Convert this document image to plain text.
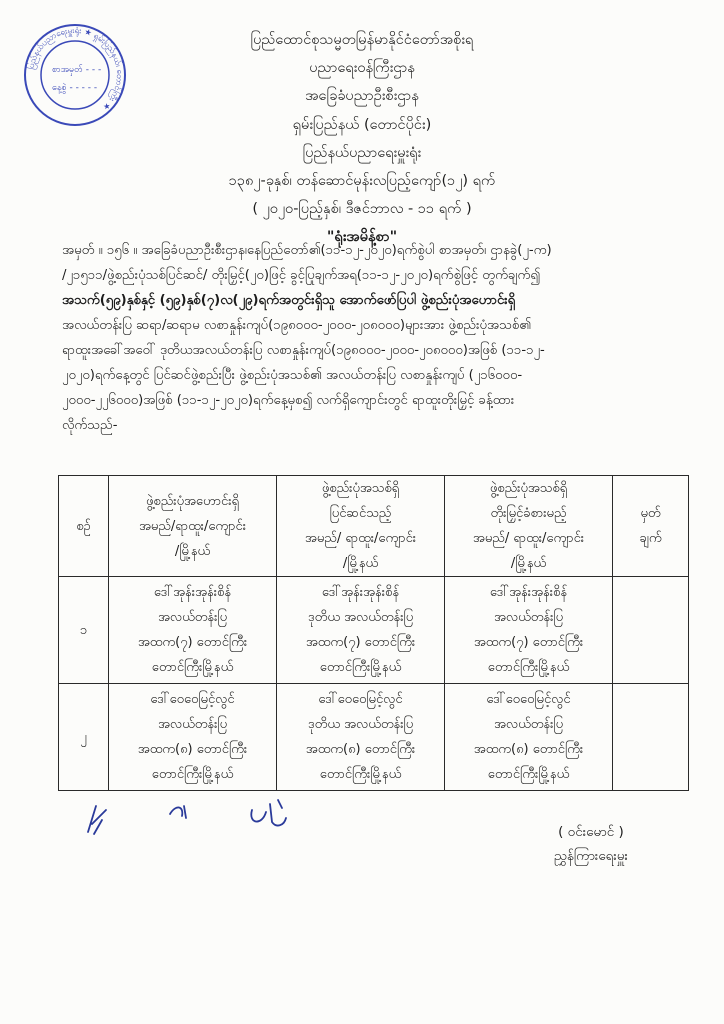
ပြည်နယ်ပညာရေးမှူးရုံး ★ ရှမ်းပြည်နယ်၊ တောင်ကြီး ★
စာအမှတ် - - -
နေ့စွဲ - - - - -
ပြည်ထောင်စုသမ္မတမြန်မာနိုင်ငံတော်အစိုးရ
ပညာရေးဝန်ကြီးဌာန
အခြေခံပညာဦးစီးဌာန
ရှမ်းပြည်နယ် (တောင်ပိုင်း)
ပြည်နယ်ပညာရေးမှူးရုံး
၁၃၈၂-ခုနှစ်၊ တန်ဆောင်မုန်းလပြည့်ကျော်(၁၂) ရက်
( ၂၀၂၀-ပြည့်နှစ်၊ ဒီဇင်ဘာလ - ၁၁ ရက် )
"ရုံးအမိန့်စာ"
အမှတ် ။ ၁၅၆ ။ အခြေခံပညာဦးစီးဌာန၊နေပြည်တော်၏(၁၁-၁၂-၂၀၂၀)ရက်စွဲပါ စာအမှတ်၊ ဌာနခွဲ(၂-က)
/၂၁၅၁၁/ဖွဲ့စည်းပုံသစ်ပြင်ဆင်/ တိုးမြှင့်(၂၀)ဖြင့် ခွင့်ပြုချက်အရ(၁၁-၁၂-၂၀၂၀)ရက်စွဲဖြင့် တွက်ချက်၍
အသက်(၅၉)နှစ်နှင့် (၅၉)နှစ်(၇)လ(၂၉)ရက်အတွင်းရှိသူ အောက်ဖော်ပြပါ ဖွဲ့စည်းပုံအဟောင်းရှိ
အလယ်တန်းပြ ဆရာ/ဆရာမ လစာနှုန်းကျပ်(၁၉၈၀၀၀-၂၀၀၀-၂၀၈၀၀၀)များအား ဖွဲ့စည်းပုံအသစ်၏
ရာထူးအခေါ်အဝေါ် ဒုတိယအလယ်တန်းပြ လစာနှုန်းကျပ်(၁၉၈၀၀၀-၂၀၀၀-၂၀၈၀၀၀)အဖြစ် (၁၁-၁၂-
၂၀၂၀)ရက်နေ့တွင် ပြင်ဆင်ဖွဲ့စည်းပြီး ဖွဲ့စည်းပုံအသစ်၏ အလယ်တန်းပြ လစာနှုန်းကျပ် (၂၁၆၀၀၀-
၂၀၀၀-၂၂၆၀၀၀)အဖြစ် (၁၁-၁၂-၂၀၂၀)ရက်နေ့မှစ၍ လက်ရှိကျောင်းတွင် ရာထူးတိုးမြှင့် ခန့်ထား
လိုက်သည်-
စဉ်	ဖွဲ့စည်းပုံအဟောင်းရှိ
အမည်/ရာထူး/ကျောင်း
/မြို့နယ်	ဖွဲ့စည်းပုံအသစ်ရှိ
ပြင်ဆင်သည့်
အမည်/ ရာထူး/ကျောင်း
/မြို့နယ်	ဖွဲ့စည်းပုံအသစ်ရှိ
တိုးမြှင့်ခံစားမည့်
အမည်/ ရာထူး/ကျောင်း
/မြို့နယ်	မှတ်
ချက်

၁	ဒေါ်အုန်းအုန်းစိန်
အလယ်တန်းပြ
အထက(၇) တောင်ကြီး
တောင်ကြီးမြို့နယ်	ဒေါ်အုန်းအုန်းစိန်
ဒုတိယ အလယ်တန်းပြ
အထက(၇) တောင်ကြီး
တောင်ကြီးမြို့နယ်	ဒေါ်အုန်းအုန်းစိန်
အလယ်တန်းပြ
အထက(၇) တောင်ကြီး
တောင်ကြီးမြို့နယ်	

၂	ဒေါ်ဝေဝေမြင့်လွင်
အလယ်တန်းပြ
အထက(၈) တောင်ကြီး
တောင်ကြီးမြို့နယ်	ဒေါ်ဝေဝေမြင့်လွင်
ဒုတိယ အလယ်တန်းပြ
အထက(၈) တောင်ကြီး
တောင်ကြီးမြို့နယ်	ဒေါ်ဝေဝေမြင့်လွင်
အလယ်တန်းပြ
အထက(၈) တောင်ကြီး
တောင်ကြီးမြို့နယ်	

( ဝင်းမောင် )
ညွှန်ကြားရေးမှူး
